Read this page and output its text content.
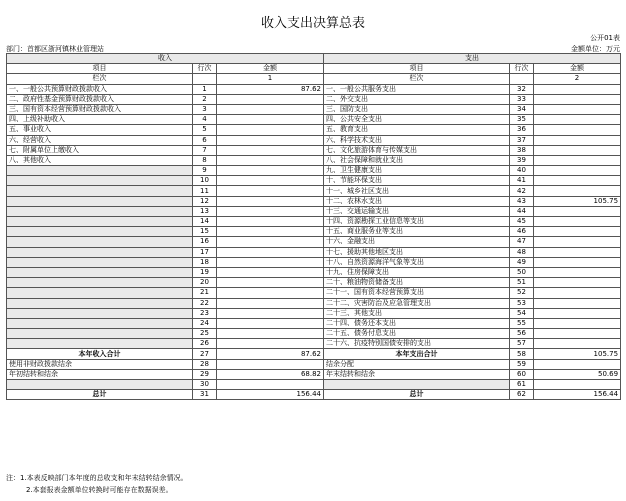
收入支出决算总表
公开01表
部门：首都区浙河镇林业管理站	金额单位：万元
收入			支出		
项目	行次	金额	项目	行次	金额
栏次		1	栏次		2
一、一般公共预算财政拨款收入	1	87.62	一、一般公共服务支出	32	
二、政府性基金预算财政拨款收入	2		二、外交支出	33	
三、国有资本经营预算财政拨款收入	3		三、国防支出	34	
四、上级补助收入	4		四、公共安全支出	35	
五、事业收入	5		五、教育支出	36	
六、经营收入	6		六、科学技术支出	37	
七、附属单位上缴收入	7		七、文化旅游体育与传媒支出	38	
八、其他收入	8		八、社会保障和就业支出	39	
	9		九、卫生健康支出	40	
	10		十、节能环保支出	41	
	11		十一、城乡社区支出	42	
	12		十二、农林水支出	43	105.75
	13		十三、交通运输支出	44	
	14		十四、资源勘探工业信息等支出	45	
	15		十五、商业服务业等支出	46	
	16		十六、金融支出	47	
	17		十七、援助其他地区支出	48	
	18		十八、自然资源海洋气象等支出	49	
	19		十九、住房保障支出	50	
	20		二十、粮油物资储备支出	51	
	21		二十一、国有资本经营预算支出	52	
	22		二十二、灾害防治及应急管理支出	53	
	23		二十三、其他支出	54	
	24		二十四、债务还本支出	55	
	25		二十五、债务付息支出	56	
	26		二十六、抗疫特别国债安排的支出	57	
本年收入合计	27	87.62	本年支出合计	58	105.75
使用非财政拨款结余	28		结余分配	59	
年初结转和结余	29	68.82	年末结转和结余	60	50.69
	30			61	
总计	31	156.44	总计	62	156.44
注：1.本表反映部门本年度的总收支和年末结转结余情况。
2.本套报表金额单位转换时可能存在数据误差。
